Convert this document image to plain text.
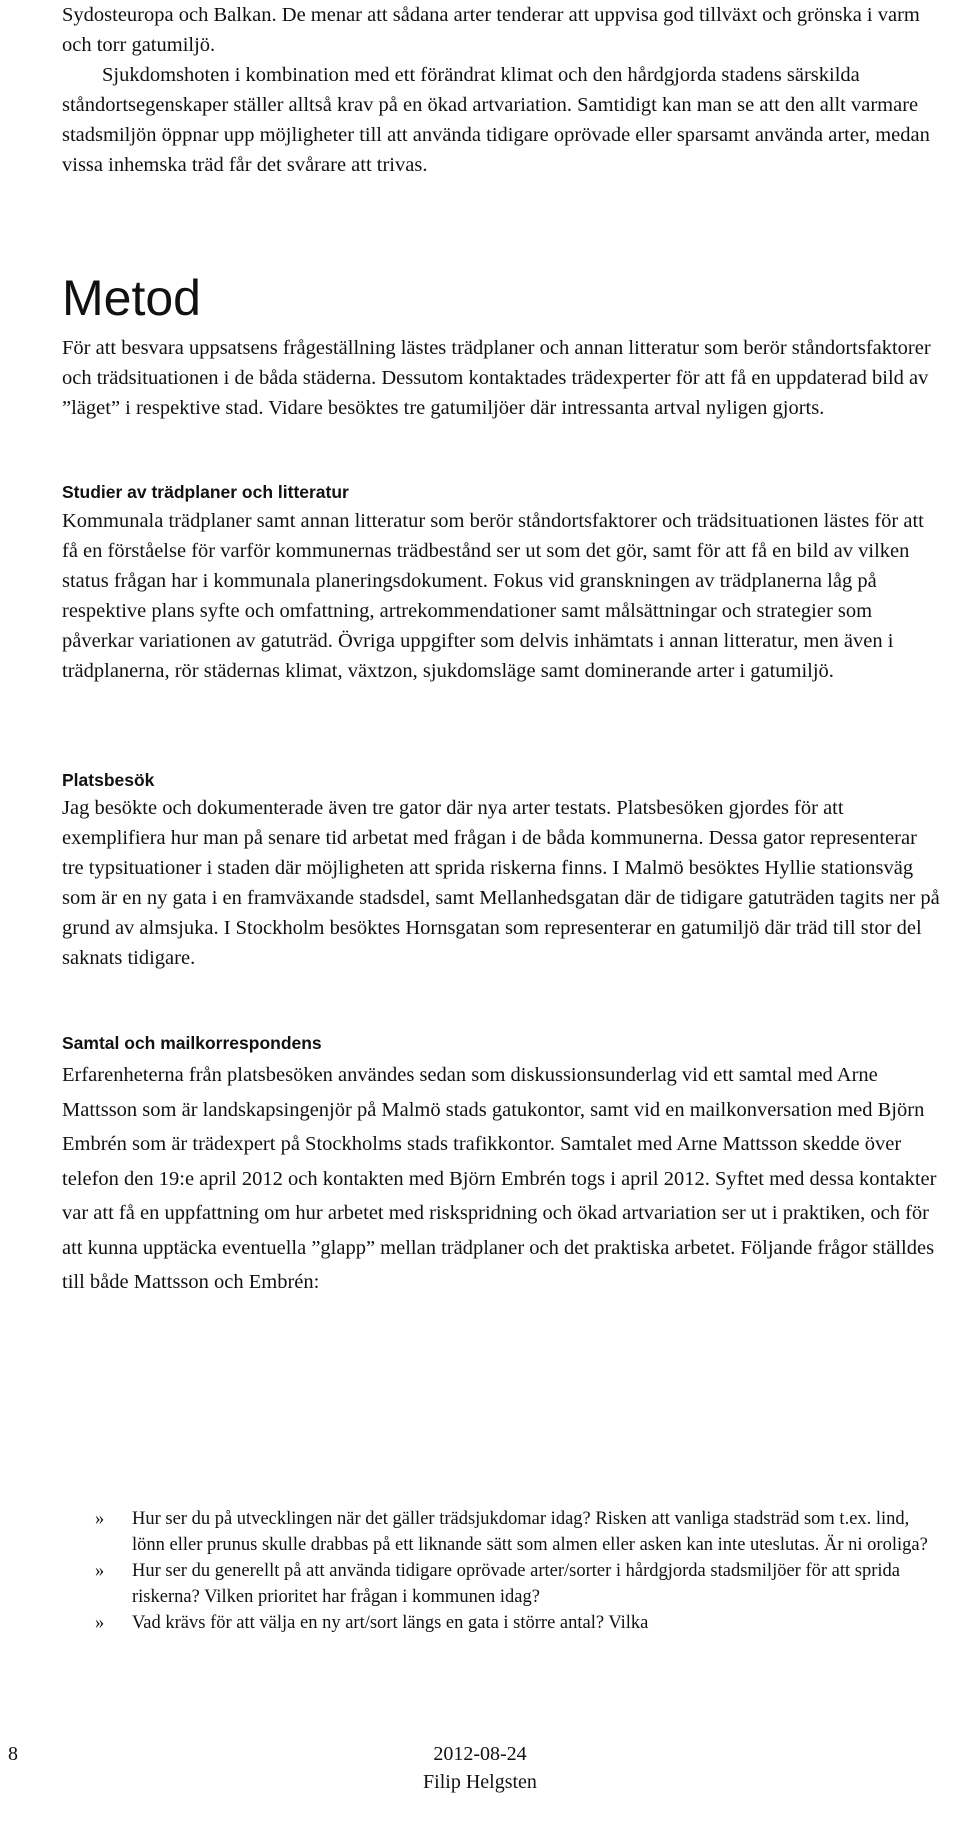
Sydosteuropa och Balkan. De menar att sådana arter tenderar att uppvisa god tillväxt och grönska i varm och torr gatumiljö.

Sjukdomshoten i kombination med ett förändrat klimat och den hårdgjorda stadens särskilda ståndortsegenskaper ställer alltså krav på en ökad artvariation. Samtidigt kan man se att den allt varmare stadsmiljön öppnar upp möjligheter till att använda tidigare oprövade eller sparsamt använda arter, medan vissa inhemska träd får det svårare att trivas.

Metod

För att besvara uppsatsens frågeställning lästes trädplaner och annan litteratur som berör ståndortsfaktorer och trädsituationen i de båda städerna. Dessutom kontaktades trädexperter för att få en uppdaterad bild av ”läget” i respektive stad. Vidare besöktes tre gatumiljöer där intressanta artval nyligen gjorts.

Studier av trädplaner och litteratur

Kommunala trädplaner samt annan litteratur som berör ståndortsfaktorer och trädsituationen lästes för att få en förståelse för varför kommunernas trädbestånd ser ut som det gör, samt för att få en bild av vilken status frågan har i kommunala planeringsdokument. Fokus vid granskningen av trädplanerna låg på respektive plans syfte och omfattning, artrekommendationer samt målsättningar och strategier som påverkar variationen av gatuträd. Övriga uppgifter som delvis inhämtats i annan litteratur, men även i trädplanerna, rör städernas klimat, växtzon, sjukdomsläge samt dominerande arter i gatumiljö.

Platsbesök

Jag besökte och dokumenterade även tre gator där nya arter testats. Platsbesöken gjordes för att exemplifiera hur man på senare tid arbetat med frågan i de båda kommunerna. Dessa gator representerar tre typsituationer i staden där möjligheten att sprida riskerna finns. I Malmö besöktes Hyllie stationsväg som är en ny gata i en framväxande stadsdel, samt Mellanhedsgatan där de tidigare gatuträden tagits ner på grund av almsjuka. I Stockholm besöktes Hornsgatan som representerar en gatumiljö där träd till stor del saknats tidigare.

Samtal och mailkorrespondens

Erfarenheterna från platsbesöken användes sedan som diskussionsunderlag vid ett samtal med Arne Mattsson som är landskapsingenjör på Malmö stads gatukontor, samt vid en mailkonversation med Björn Embrén som är trädexpert på Stockholms stads trafikkontor. Samtalet med Arne Mattsson skedde över telefon den 19:e april 2012 och kontakten med Björn Embrén togs i april 2012. Syftet med dessa kontakter var att få en uppfattning om hur arbetet med riskspridning och ökad artvariation ser ut i praktiken, och för att kunna upptäcka eventuella ”glapp” mellan trädplaner och det praktiska arbetet. Följande frågor ställdes till både Mattsson och Embrén:

» Hur ser du på utvecklingen när det gäller trädsjukdomar idag? Risken att vanliga stadsträd som t.ex. lind, lönn eller prunus skulle drabbas på ett liknande sätt som almen eller asken kan inte uteslutas. Är ni oroliga?
» Hur ser du generellt på att använda tidigare oprövade arter/sorter i hårdgjorda stadsmiljöer för att sprida riskerna? Vilken prioritet har frågan i kommunen idag?
» Vad krävs för att välja en ny art/sort längs en gata i större antal? Vilka
8	2012-08-24
Filip Helgsten
